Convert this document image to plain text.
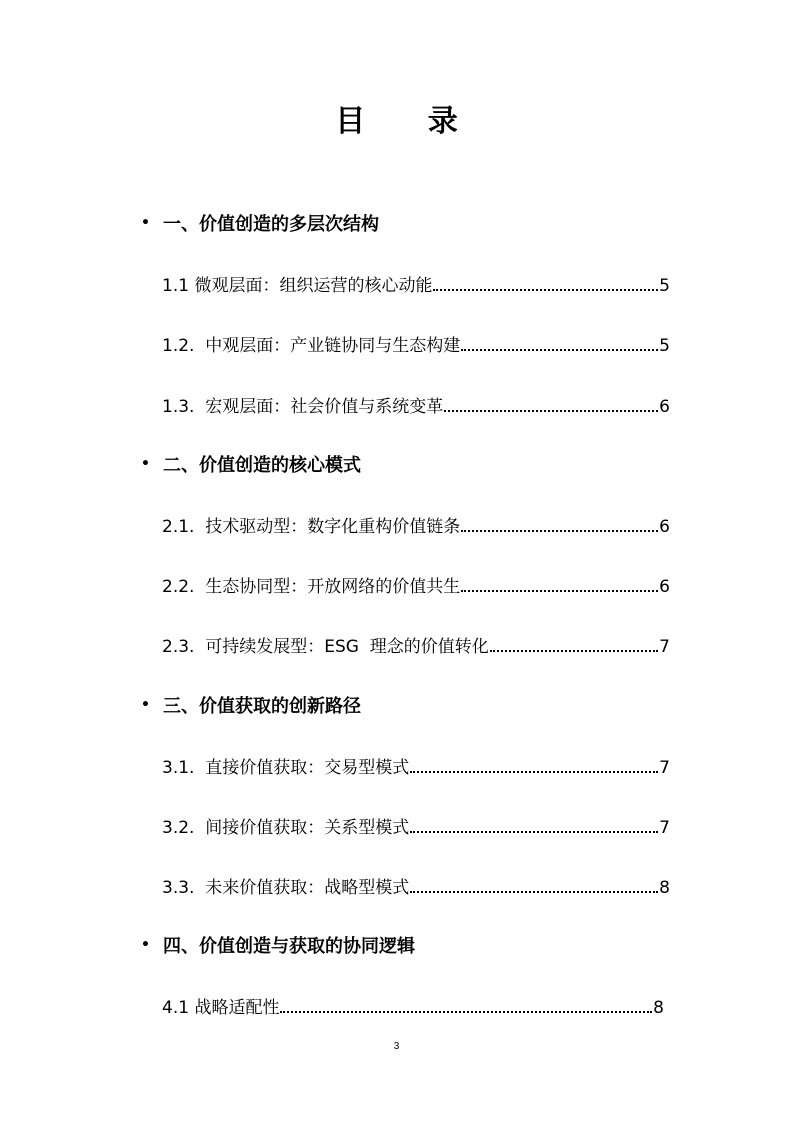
目 录
• 一、价值创造的多层次结构
1.1 微观层面：组织运营的核心动能	5
1.2.  中观层面：产业链协同与生态构建	5
1.3.  宏观层面：社会价值与系统变革	6
• 二、价值创造的核心模式
2.1.  技术驱动型：数字化重构价值链条	6
2.2.  生态协同型：开放网络的价值共生	6
2.3.  可持续发展型：ESG  理念的价值转化	7
• 三、价值获取的创新路径
3.1.  直接价值获取：交易型模式	7
3.2.  间接价值获取：关系型模式	7
3.3.  未来价值获取：战略型模式	8
• 四、价值创造与获取的协同逻辑
4.1 战略适配性	8
3
